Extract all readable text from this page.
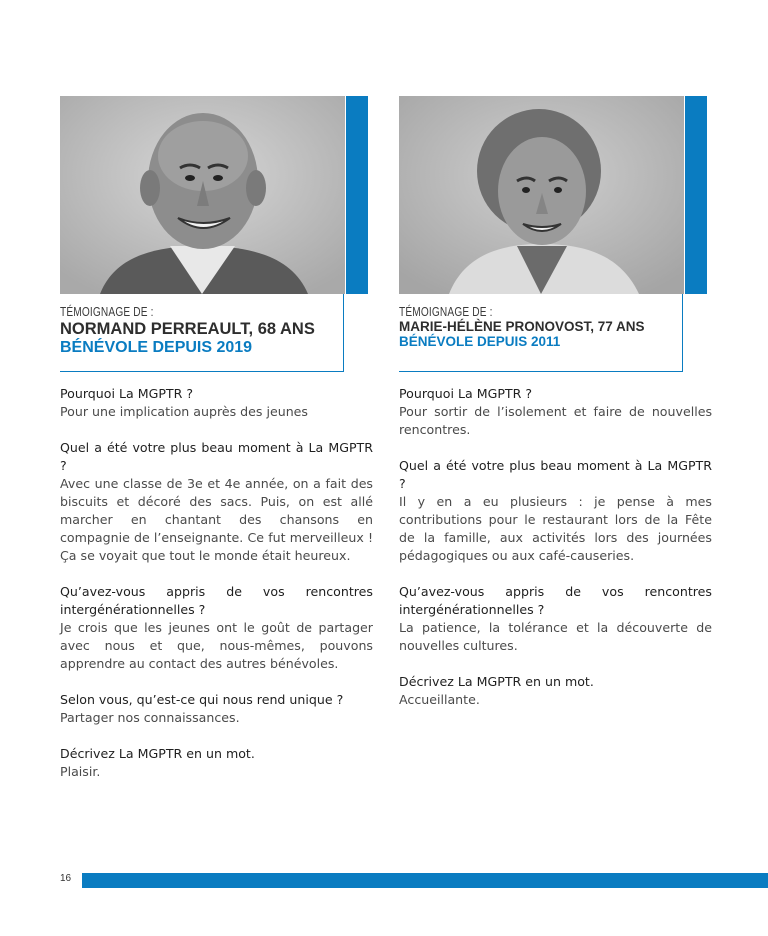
TÉMOIGNAGE DE :
NORMAND PERREAULT, 68 ANS
BÉNÉVOLE DEPUIS 2019
TÉMOIGNAGE DE :
MARIE-HÉLÈNE PRONOVOST, 77 ANS
BÉNÉVOLE DEPUIS 2011

Pourquoi La MGPTR ?

Pour une implication auprès des jeunes

Quel a été votre plus beau moment à La MGPTR ?

Avec une classe de 3e et 4e année, on a fait des biscuits et décoré des sacs. Puis, on est allé marcher en chantant des chansons en compagnie de l’enseignante. Ce fut merveilleux ! Ça se voyait que tout le monde était heureux.

Qu’avez-vous appris de vos rencontres intergénérationnelles ?

Je crois que les jeunes ont le goût de partager avec nous et que, nous-mêmes, pouvons apprendre au contact des autres bénévoles.

Selon vous, qu’est-ce qui nous rend unique ?

Partager nos connaissances.

Décrivez La MGPTR en un mot.

Plaisir.

Pourquoi La MGPTR ?

Pour sortir de l’isolement et faire de nouvelles rencontres.

Quel a été votre plus beau moment à La MGPTR ?

Il y en a eu plusieurs : je pense à mes contributions pour le restaurant lors de la Fête de la famille, aux activités lors des journées pédagogiques ou aux café-causeries.

Qu’avez-vous appris de vos rencontres intergénérationnelles ?

La patience, la tolérance et la découverte de nouvelles cultures.

Décrivez La MGPTR en un mot.

Accueillante.

16
